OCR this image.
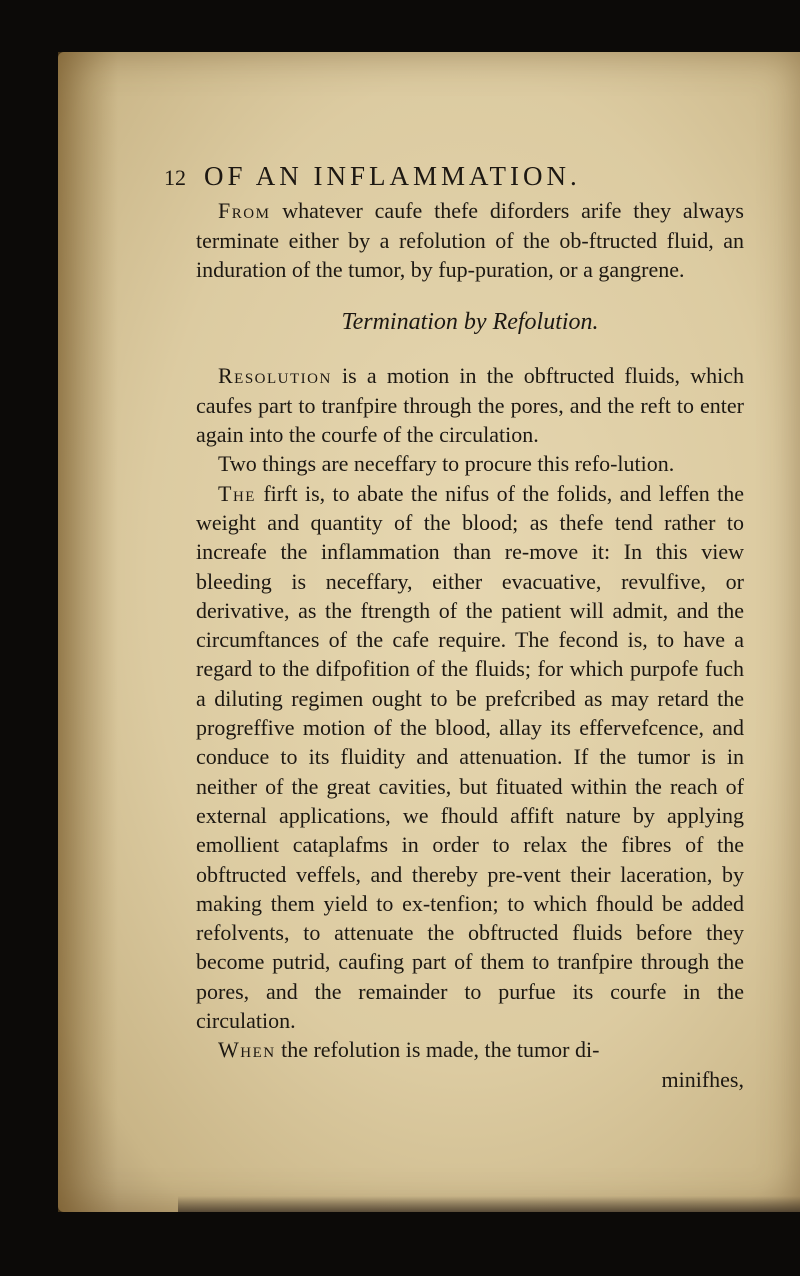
12 OF AN INFLAMMATION.

From whatever caufe thefe diforders arife they always terminate either by a refolution of the ob-ftructed fluid, an induration of the tumor, by fup-puration, or a gangrene.

Termination by Refolution.

Resolution is a motion in the obftructed fluids, which caufes part to tranfpire through the pores, and the reft to enter again into the courfe of the circulation.

Two things are neceffary to procure this refo-lution.

The firft is, to abate the nifus of the folids, and leffen the weight and quantity of the blood; as thefe tend rather to increafe the inflammation than re-move it: In this view bleeding is neceffary, either evacuative, revulfive, or derivative, as the ftrength of the patient will admit, and the circumftances of the cafe require. The fecond is, to have a regard to the difpofition of the fluids; for which purpofe fuch a diluting regimen ought to be prefcribed as may retard the progreffive motion of the blood, allay its effervefcence, and conduce to its fluidity and attenuation. If the tumor is in neither of the great cavities, but fituated within the reach of external applications, we fhould affift nature by applying emollient cataplafms in order to relax the fibres of the obftructed veffels, and thereby pre-vent their laceration, by making them yield to ex-tenfion; to which fhould be added refolvents, to attenuate the obftructed fluids before they become putrid, caufing part of them to tranfpire through the pores, and the remainder to purfue its courfe in the circulation.

When the refolution is made, the tumor di-

minifhes,
